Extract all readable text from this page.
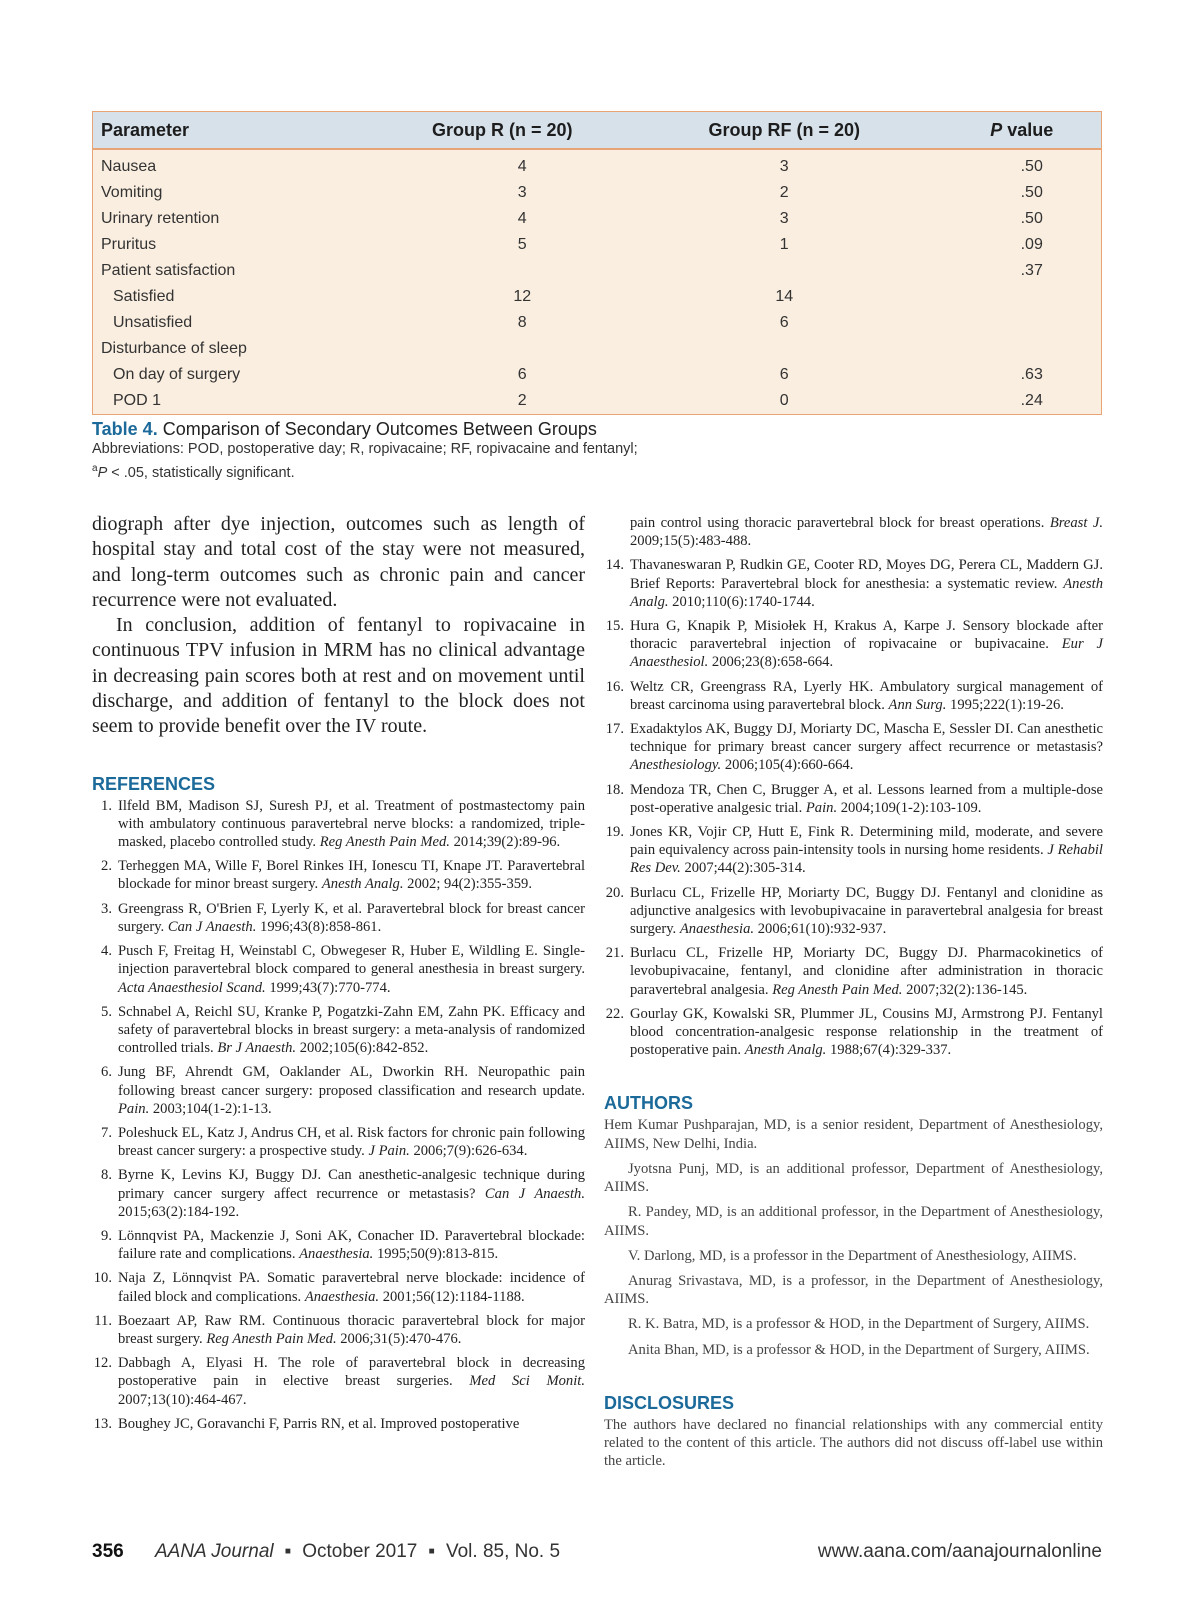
Parameter	Group R (n = 20)	Group RF (n = 20)	P value
Nausea	4	3	.50
Vomiting	3	2	.50
Urinary retention	4	3	.50
Pruritus	5	1	.09
Patient satisfaction			.37
Satisfied	12	14	
Unsatisfied	8	6	
Disturbance of sleep			
On day of surgery	6	6	.63
POD 1	2	0	.24
Table 4. Comparison of Secondary Outcomes Between Groups
Abbreviations: POD, postoperative day; R, ropivacaine; RF, ropivacaine and fentanyl;
$^a$P < .05, statistically significant.

diograph after dye injection, outcomes such as length of hospital stay and total cost of the stay were not measured, and long-term outcomes such as chronic pain and cancer recurrence were not evaluated.

In conclusion, addition of fentanyl to ropivacaine in continuous TPV infusion in MRM has no clinical advantage in decreasing pain scores both at rest and on movement until discharge, and addition of fentanyl to the block does not seem to provide benefit over the IV route.

REFERENCES
1. Ilfeld BM, Madison SJ, Suresh PJ, et al. Treatment of postmastectomy pain with ambulatory continuous paravertebral nerve blocks: a randomized, triple-masked, placebo controlled study. Reg Anesth Pain Med. 2014;39(2):89-96.
2. Terheggen MA, Wille F, Borel Rinkes IH, Ionescu TI, Knape JT. Paravertebral blockade for minor breast surgery. Anesth Analg. 2002; 94(2):355-359.
3. Greengrass R, O'Brien F, Lyerly K, et al. Paravertebral block for breast cancer surgery. Can J Anaesth. 1996;43(8):858-861.
4. Pusch F, Freitag H, Weinstabl C, Obwegeser R, Huber E, Wildling E. Single-injection paravertebral block compared to general anesthesia in breast surgery. Acta Anaesthesiol Scand. 1999;43(7):770-774.
5. Schnabel A, Reichl SU, Kranke P, Pogatzki-Zahn EM, Zahn PK. Efficacy and safety of paravertebral blocks in breast surgery: a meta-analysis of randomized controlled trials. Br J Anaesth. 2002;105(6):842-852.
6. Jung BF, Ahrendt GM, Oaklander AL, Dworkin RH. Neuropathic pain following breast cancer surgery: proposed classification and research update. Pain. 2003;104(1-2):1-13.
7. Poleshuck EL, Katz J, Andrus CH, et al. Risk factors for chronic pain following breast cancer surgery: a prospective study. J Pain. 2006;7(9):626-634.
8. Byrne K, Levins KJ, Buggy DJ. Can anesthetic-analgesic technique during primary cancer surgery affect recurrence or metastasis? Can J Anaesth. 2015;63(2):184-192.
9. Lönnqvist PA, Mackenzie J, Soni AK, Conacher ID. Paravertebral blockade: failure rate and complications. Anaesthesia. 1995;50(9):813-815.
10. Naja Z, Lönnqvist PA. Somatic paravertebral nerve blockade: incidence of failed block and complications. Anaesthesia. 2001;56(12):1184-1188.
11. Boezaart AP, Raw RM. Continuous thoracic paravertebral block for major breast surgery. Reg Anesth Pain Med. 2006;31(5):470-476.
12. Dabbagh A, Elyasi H. The role of paravertebral block in decreasing postoperative pain in elective breast surgeries. Med Sci Monit. 2007;13(10):464-467.
13. Boughey JC, Goravanchi F, Parris RN, et al. Improved postoperative
pain control using thoracic paravertebral block for breast operations. Breast J. 2009;15(5):483-488.
14. Thavaneswaran P, Rudkin GE, Cooter RD, Moyes DG, Perera CL, Maddern GJ. Brief Reports: Paravertebral block for anesthesia: a systematic review. Anesth Analg. 2010;110(6):1740-1744.
15. Hura G, Knapik P, Misiołek H, Krakus A, Karpe J. Sensory blockade after thoracic paravertebral injection of ropivacaine or bupivacaine. Eur J Anaesthesiol. 2006;23(8):658-664.
16. Weltz CR, Greengrass RA, Lyerly HK. Ambulatory surgical management of breast carcinoma using paravertebral block. Ann Surg. 1995;222(1):19-26.
17. Exadaktylos AK, Buggy DJ, Moriarty DC, Mascha E, Sessler DI. Can anesthetic technique for primary breast cancer surgery affect recurrence or metastasis? Anesthesiology. 2006;105(4):660-664.
18. Mendoza TR, Chen C, Brugger A, et al. Lessons learned from a multiple-dose post-operative analgesic trial. Pain. 2004;109(1-2):103-109.
19. Jones KR, Vojir CP, Hutt E, Fink R. Determining mild, moderate, and severe pain equivalency across pain-intensity tools in nursing home residents. J Rehabil Res Dev. 2007;44(2):305-314.
20. Burlacu CL, Frizelle HP, Moriarty DC, Buggy DJ. Fentanyl and clonidine as adjunctive analgesics with levobupivacaine in paravertebral analgesia for breast surgery. Anaesthesia. 2006;61(10):932-937.
21. Burlacu CL, Frizelle HP, Moriarty DC, Buggy DJ. Pharmacokinetics of levobupivacaine, fentanyl, and clonidine after administration in thoracic paravertebral analgesia. Reg Anesth Pain Med. 2007;32(2):136-145.
22. Gourlay GK, Kowalski SR, Plummer JL, Cousins MJ, Armstrong PJ. Fentanyl blood concentration-analgesic response relationship in the treatment of postoperative pain. Anesth Analg. 1988;67(4):329-337.
AUTHORS

Hem Kumar Pushparajan, MD, is a senior resident, Department of Anesthesiology, AIIMS, New Delhi, India.

Jyotsna Punj, MD, is an additional professor, Department of Anesthesiology, AIIMS.

R. Pandey, MD, is an additional professor, in the Department of Anesthesiology, AIIMS.

V. Darlong, MD, is a professor in the Department of Anesthesiology, AIIMS.

Anurag Srivastava, MD, is a professor, in the Department of Anesthesiology, AIIMS.

R. K. Batra, MD, is a professor & HOD, in the Department of Surgery, AIIMS.

Anita Bhan, MD, is a professor & HOD, in the Department of Surgery, AIIMS.

DISCLOSURES

The authors have declared no financial relationships with any commercial entity related to the content of this article. The authors did not discuss off-label use within the article.

356 AANA Journal ■ October 2017 ■ Vol. 85, No. 5	www.aana.com/aanajournalonline
